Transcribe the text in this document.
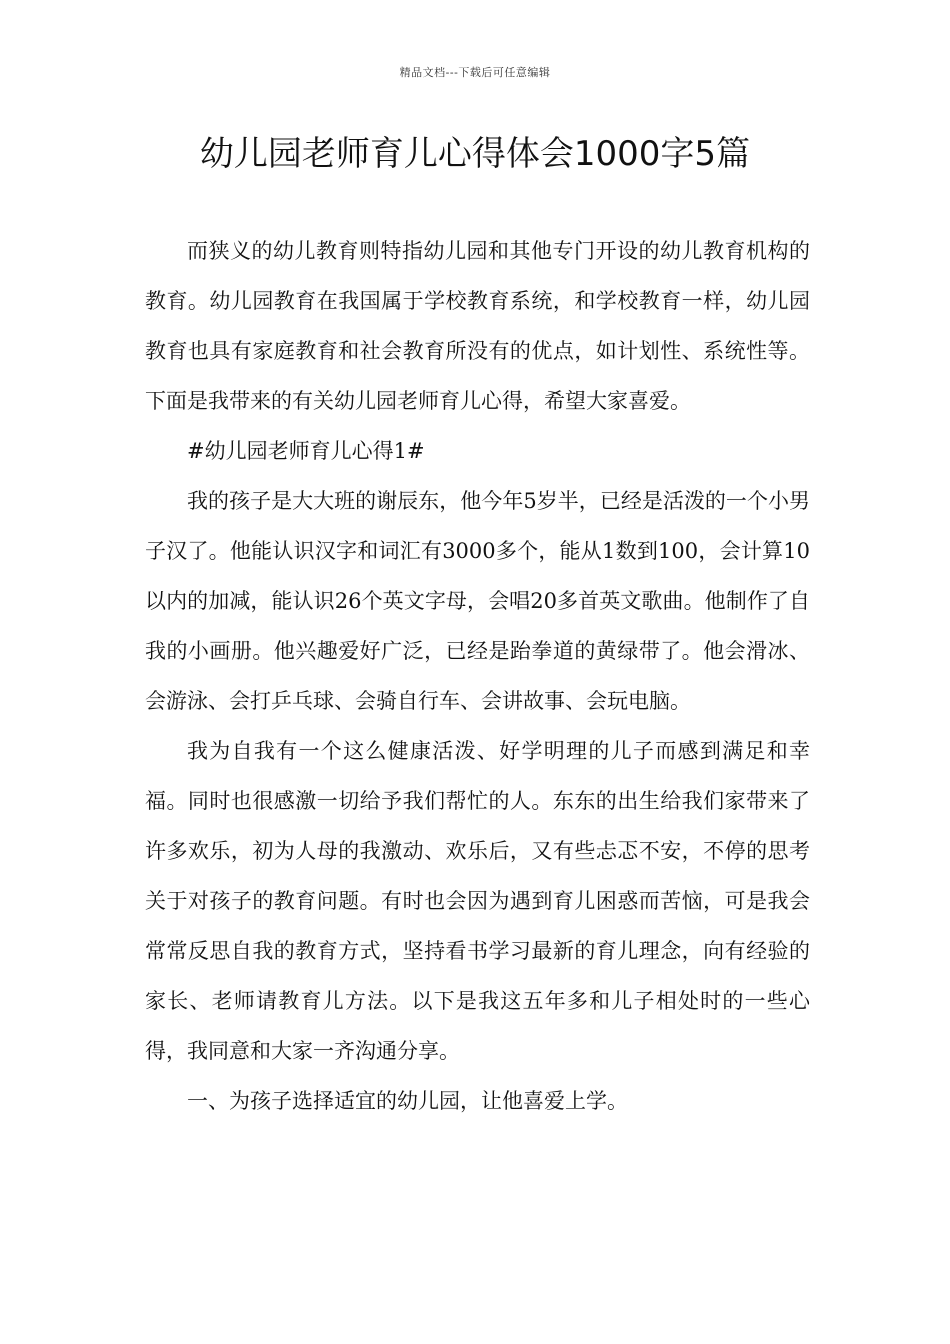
精品文档---下载后可任意编辑
幼儿园老师育儿心得体会1000字5篇

而狭义的幼儿教育则特指幼儿园和其他专门开设的幼儿教育机构的教育。幼儿园教育在我国属于学校教育系统，和学校教育一样，幼儿园教育也具有家庭教育和社会教育所没有的优点，如计划性、系统性等。下面是我带来的有关幼儿园老师育儿心得，希望大家喜爱。

#幼儿园老师育儿心得1#

我的孩子是大大班的谢辰东，他今年5岁半，已经是活泼的一个小男子汉了。他能认识汉字和词汇有3000多个，能从1数到100，会计算10以内的加减，能认识26个英文字母，会唱20多首英文歌曲。他制作了自我的小画册。他兴趣爱好广泛，已经是跆拳道的黄绿带了。他会滑冰、会游泳、会打乒乓球、会骑自行车、会讲故事、会玩电脑。

我为自我有一个这么健康活泼、好学明理的儿子而感到满足和幸福。同时也很感激一切给予我们帮忙的人。东东的出生给我们家带来了许多欢乐，初为人母的我激动、欢乐后，又有些忐忑不安，不停的思考关于对孩子的教育问题。有时也会因为遇到育儿困惑而苦恼，可是我会常常反思自我的教育方式，坚持看书学习最新的育儿理念，向有经验的家长、老师请教育儿方法。以下是我这五年多和儿子相处时的一些心得，我同意和大家一齐沟通分享。

一、为孩子选择适宜的幼儿园，让他喜爱上学。
